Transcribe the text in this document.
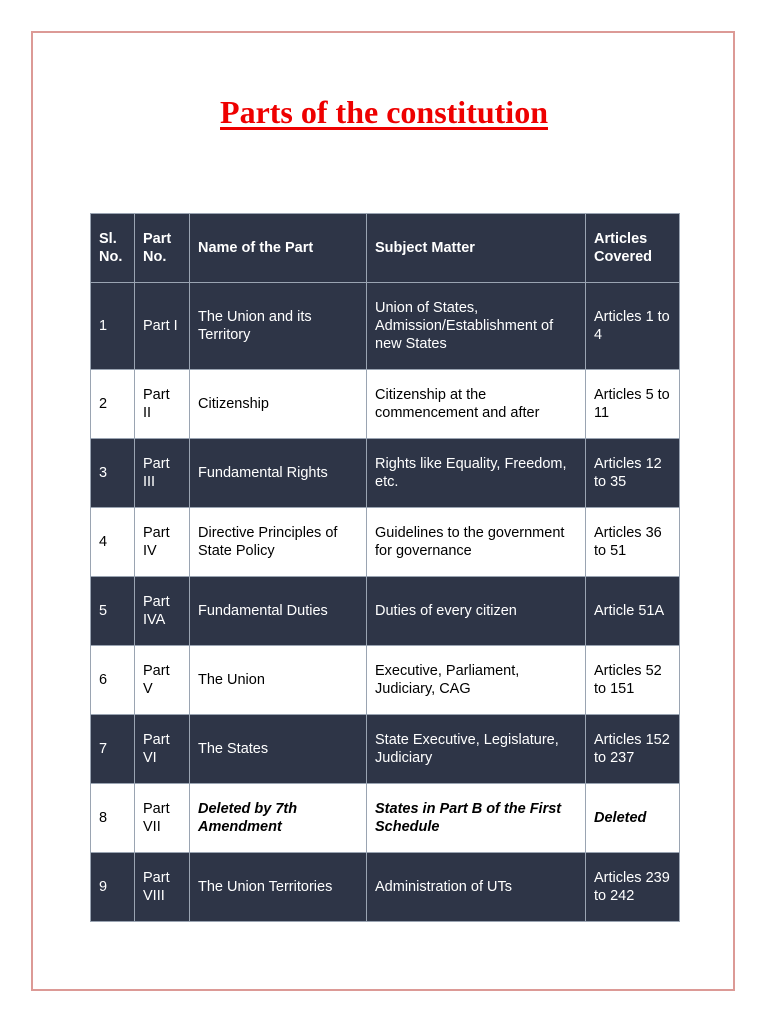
Parts of the constitution
Sl. No.	Part No.	Name of the Part	Subject Matter	Articles Covered
1	Part I	The Union and its Territory	Union of States, Admission/Establishment of new States	Articles 1 to 4
2	Part II	Citizenship	Citizenship at the commencement and after	Articles 5 to 11
3	Part III	Fundamental Rights	Rights like Equality, Freedom, etc.	Articles 12 to 35
4	Part IV	Directive Principles of State Policy	Guidelines to the government for governance	Articles 36 to 51
5	Part IVA	Fundamental Duties	Duties of every citizen	Article 51A
6	Part V	The Union	Executive, Parliament, Judiciary, CAG	Articles 52 to 151
7	Part VI	The States	State Executive, Legislature, Judiciary	Articles 152 to 237
8	Part VII	Deleted by 7th Amendment	States in Part B of the First Schedule	Deleted
9	Part VIII	The Union Territories	Administration of UTs	Articles 239 to 242
